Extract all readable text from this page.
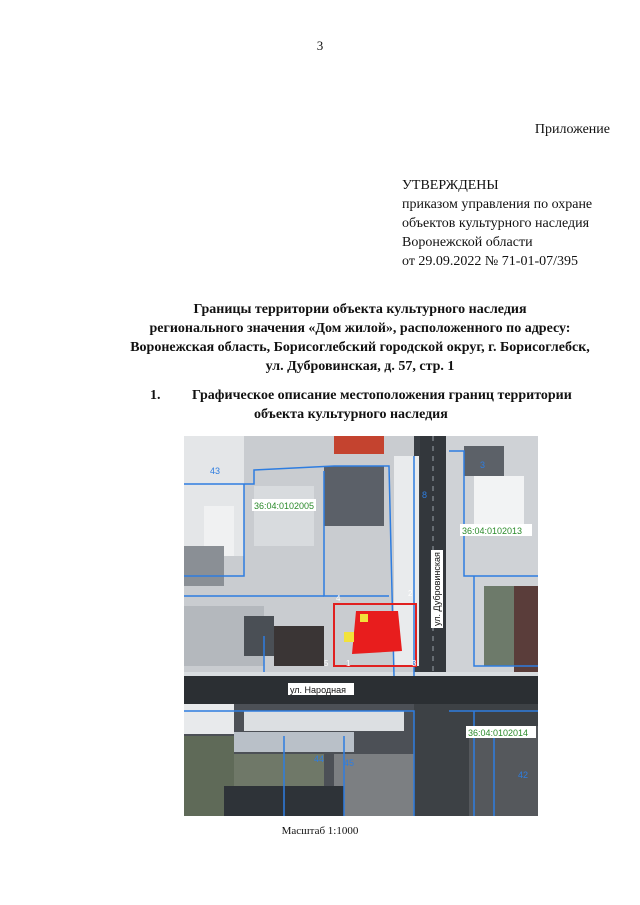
3
Приложение
УТВЕРЖДЕНЫ
приказом управления по охране
объектов культурного наследия
Воронежской области
от 29.09.2022 № 71-01-07/395
Границы территории объекта культурного наследия
регионального значения «Дом жилой», расположенного по адресу:
Воронежская область, Борисоглебский городской округ, г. Борисоглебск,
ул. Дубровинская, д. 57, стр. 1
1. Графическое описание местоположения границ территории
объекта культурного наследия
36:04:0102005
36:04:0102013
36:04:0102014
ул. Дубровинская
ул. Народная
43
3
8
44 45
42
1
2
3
4
5
Масштаб 1:1000
